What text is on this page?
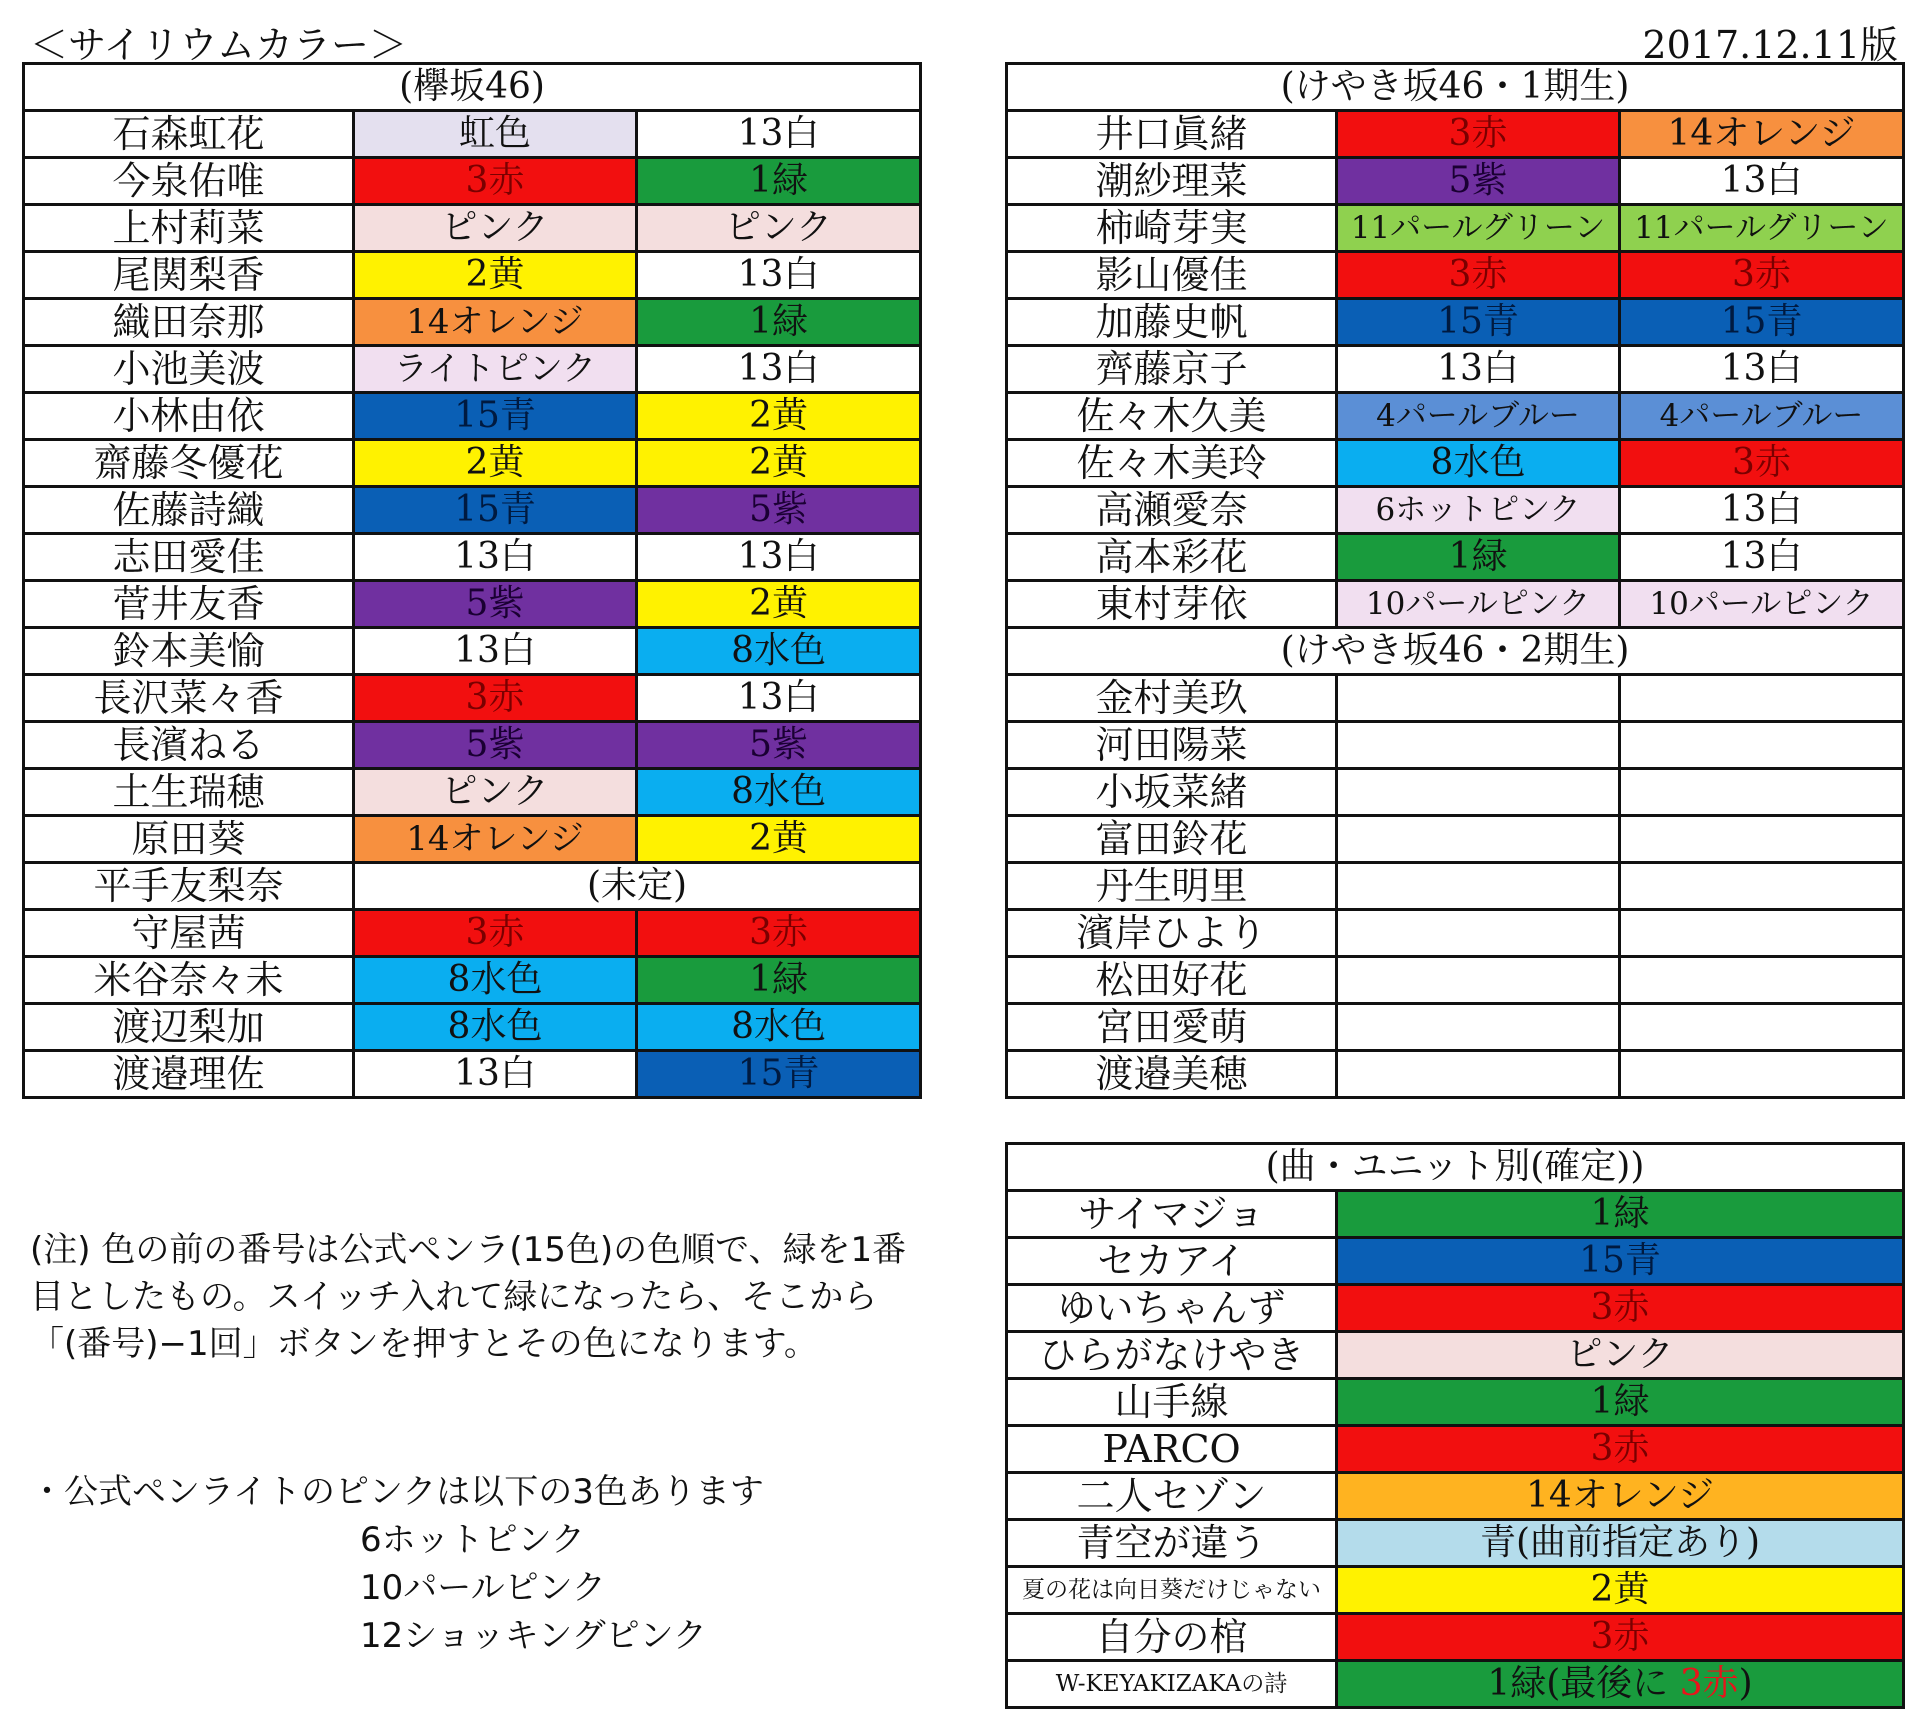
＜サイリウムカラー＞	2017.12.11版
(欅坂46)		
石森虹花	虹色	13白
今泉佑唯	3赤	1緑
上村莉菜	ピンク	ピンク
尾関梨香	2黄	13白
織田奈那	14オレンジ	1緑
小池美波	ライトピンク	13白
小林由依	15青	2黄
齋藤冬優花	2黄	2黄
佐藤詩織	15青	5紫
志田愛佳	13白	13白
菅井友香	5紫	2黄
鈴本美愉	13白	8水色
長沢菜々香	3赤	13白
長濱ねる	5紫	5紫
土生瑞穂	ピンク	8水色
原田葵	14オレンジ	2黄
平手友梨奈	(未定)	
守屋茜	3赤	3赤
米谷奈々未	8水色	1緑
渡辺梨加	8水色	8水色
渡邉理佐	13白	15青
(けやき坂46・1期生)		
井口眞緒	3赤	14オレンジ
潮紗理菜	5紫	13白
柿崎芽実	11パールグリーン	11パールグリーン
影山優佳	3赤	3赤
加藤史帆	15青	15青
齊藤京子	13白	13白
佐々木久美	4パールブルー	4パールブルー
佐々木美玲	8水色	3赤
高瀬愛奈	6ホットピンク	13白
高本彩花	1緑	13白
東村芽依	10パールピンク	10パールピンク
(けやき坂46・2期生)		
金村美玖		
河田陽菜		
小坂菜緒		
富田鈴花		
丹生明里		
濱岸ひより		
松田好花		
宮田愛萌		
渡邉美穂		
(曲・ユニット別(確定))	
サイマジョ	1緑
セカアイ	15青
ゆいちゃんず	3赤
ひらがなけやき	ピンク
山手線	1緑
PARCO	3赤
二人セゾン	14オレンジ
青空が違う	青(曲前指定あり)
夏の花は向日葵だけじゃない	2黄
自分の棺	3赤
W-KEYAKIZAKAの詩	1緑(最後に 3赤)
(注) 色の前の番号は公式ペンラ(15色)の色順で、緑を1番目としたもの。スイッチ入れて緑になったら、そこから「(番号)−1回」ボタンを押すとその色になります。
・公式ペンライトのピンクは以下の3色あります
6ホットピンク
10パールピンク
12ショッキングピンク
